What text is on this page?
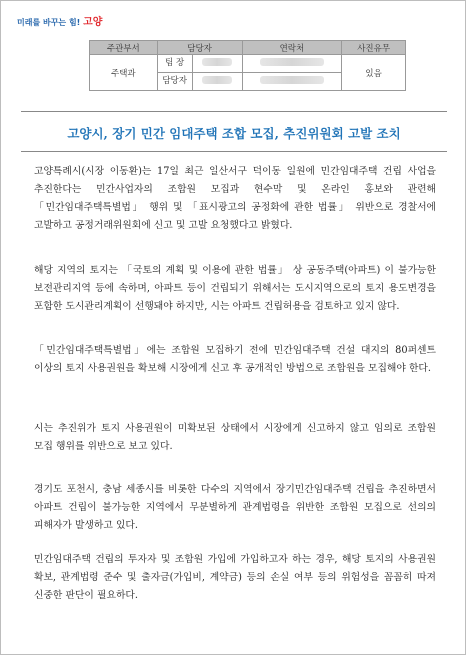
미래를 바꾸는 힘! 고양
주관부서	담당자	연락처	사진유무
주택과	팀 장		있음

	담당자		

고양시, 장기 민간 임대주택 조합 모집, 추진위원회 고발 조치

고양특례시(시장 이동환)는 17일 최근 일산서구 덕이동 일원에 민간임대주택 건립 사업을 추진한다는 민간사업자의 조합원 모집과 현수막 및 온라인 홍보와 관련해 「민간임대주택특별법」 행위 및 「표시광고의 공정화에 관한 법률」 위반으로 경찰서에 고발하고 공정거래위원회에 신고 및 고발 요청했다고 밝혔다.

해당 지역의 토지는 「국토의 계획 및 이용에 관한 법률」 상 공동주택(아파트) 이 불가능한 보전관리지역 등에 속하며, 아파트 등이 건립되기 위해서는 도시지역으로의 토지 용도변경을 포함한 도시관리계획이 선행돼야 하지만, 시는 아파트 건립허용을 검토하고 있지 않다.

「민간임대주택특별법」에는 조합원 모집하기 전에 민간임대주택 건설 대지의 80퍼센트 이상의 토지 사용권원을 확보해 시장에게 신고 후 공개적인 방법으로 조합원을 모집해야 한다.

시는 추진위가 토지 사용권원이 미확보된 상태에서 시장에게 신고하지 않고 임의로 조합원 모집 행위를 위반으로 보고 있다.

경기도 포천시, 충남 세종시를 비롯한 다수의 지역에서 장기민간임대주택 건립을 추진하면서 아파트 건립이 불가능한 지역에서 무분별하게 관계법령을 위반한 조합원 모집으로 선의의 피해자가 발생하고 있다.

민간임대주택 건립의 투자자 및 조합원 가입에 가입하고자 하는 경우, 해당 토지의 사용권원 확보, 관계법령 준수 및 출자금(가입비, 계약금) 등의 손실 여부 등의 위험성을 꼼꼼히 따져 신중한 판단이 필요하다.
